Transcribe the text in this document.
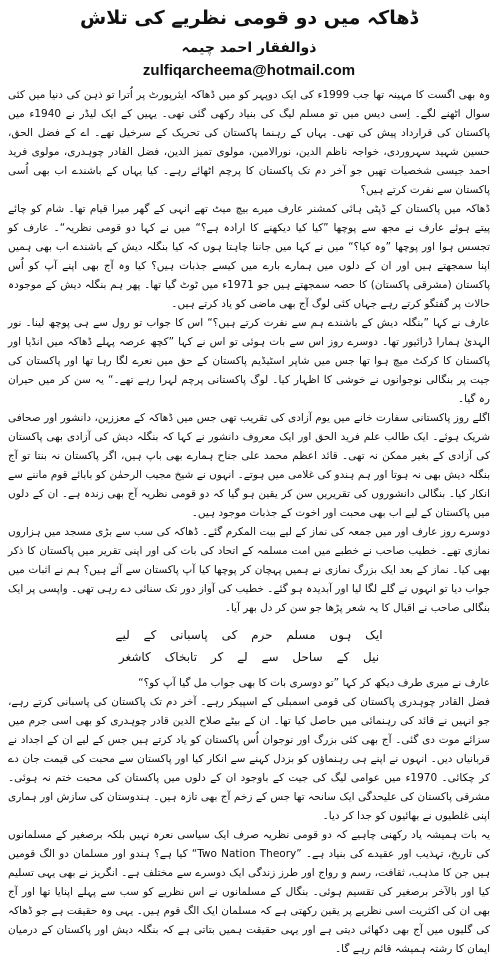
ڈھاکہ میں دو قومی نظریے کی تلاش
ذوالفقار احمد چیمہ
zulfiqarcheema@hotmail.com

وہ بھی اگست کا مہینہ تھا جب 1999ء کی ایک دوپہر کو میں ڈھاکہ ایئرپورٹ پر اُترا تو ذہن کی دنیا میں کئی سوال اٹھنے لگے۔ اِسی دیس میں تو مسلم لیگ کی بنیاد رکھی گئی تھی۔ یہیں کے ایک لیڈر نے 1940ء میں پاکستان کی قرارداد پیش کی تھی۔ یہاں کے رہنما پاکستان کی تحریک کے سرخیل تھے۔ اے کے فضل الحق، حسین شہید سہروردی، خواجہ ناظم الدین، نورالامین، مولوی تمیز الدین، فضل القادر چوہدری، مولوی فرید احمد جیسی شخصیات تھیں جو آخر دم تک پاکستان کا پرچم اٹھائے رہے۔ کیا یہاں کے باشندے اب بھی اُسی پاکستان سے نفرت کرتے ہیں؟

ڈھاکہ میں پاکستان کے ڈپٹی ہائی کمشنر عارف میرے بیچ میٹ تھے انہی کے گھر میرا قیام تھا۔ شام کو چائے پیتے ہوئے عارف نے مجھ سے پوچھا ”کیا کیا دیکھنے کا ارادہ ہے؟“ میں نے کہا دو قومی نظریہ“۔ عارف کو تجسس ہوا اور پوچھا ”وہ کیا؟“ میں نے کہا میں جاننا چاہتا ہوں کہ کیا بنگلہ دیش کے باشندے اب بھی ہمیں اپنا سمجھتے ہیں اور ان کے دلوں میں ہمارے بارے میں کیسے جذبات ہیں؟ کیا وہ آج بھی اپنے آپ کو اُس پاکستان (مشرقی پاکستان) کا حصہ سمجھتے ہیں جو 1971ء میں ٹوٹ گیا تھا۔ پھر ہم بنگلہ دیش کے موجودہ حالات پر گفتگو کرتے رہے جہاں کئی لوگ آج بھی ماضی کو یاد کرتے ہیں۔

عارف نے کہا ”بنگلہ دیش کے باشندے ہم سے نفرت کرتے ہیں؟“ اس کا جواب تو رول سے ہی پوچھ لینا۔ نور الہدیٰ ہمارا ڈرائیور تھا۔ دوسرے روز اس سے بات ہوئی تو اس نے کہا ”کچھ عرصہ پہلے ڈھاکہ میں انڈیا اور پاکستان کا کرکٹ میچ ہوا تھا جس میں شاپر اسٹیڈیم پاکستان کے حق میں نعرے لگا رہا تھا اور پاکستان کی جیت پر بنگالی نوجوانوں نے خوشی کا اظہار کیا۔ لوگ پاکستانی پرچم لہرا رہے تھے۔“ یہ سن کر میں حیران رہ گیا۔

اگلے روز پاکستانی سفارت خانے میں یوم آزادی کی تقریب تھی جس میں ڈھاکہ کے معززین، دانشور اور صحافی شریک ہوئے۔ ایک طالب علم فرید الحق اور ایک معروف دانشور نے کہا کہ بنگلہ دیش کی آزادی بھی پاکستان کی آزادی کے بغیر ممکن نہ تھی۔ قائد اعظم محمد علی جناح ہمارے بھی باپ ہیں، اگر پاکستان نہ بنتا تو آج بنگلہ دیش بھی نہ ہوتا اور ہم ہندو کی غلامی میں ہوتے۔ انہوں نے شیخ مجیب الرحمٰن کو بابائے قوم ماننے سے انکار کیا۔ بنگالی دانشوروں کی تقریریں سن کر یقین ہو گیا کہ دو قومی نظریہ آج بھی زندہ ہے۔ ان کے دلوں میں پاکستان کے لیے اب بھی محبت اور اخوت کے جذبات موجود ہیں۔

دوسرے روز عارف اور میں جمعہ کی نماز کے لیے بیت المکرم گئے۔ ڈھاکہ کی سب سے بڑی مسجد میں ہزاروں نمازی تھے۔ خطیب صاحب نے خطبے میں امت مسلمہ کے اتحاد کی بات کی اور اپنی تقریر میں پاکستان کا ذکر بھی کیا۔ نماز کے بعد ایک بزرگ نمازی نے ہمیں پہچان کر پوچھا کیا آپ پاکستان سے آئے ہیں؟ ہم نے اثبات میں جواب دیا تو انہوں نے گلے لگا لیا اور آبدیدہ ہو گئے۔ خطیب کی آواز دور تک سنائی دے رہی تھی۔ واپسی پر ایک بنگالی صاحب نے اقبال کا یہ شعر پڑھا جو سن کر دل بھر آیا۔

ایک ہوں مسلم حرم کی پاسبانی کے لیے
نیل کے ساحل سے لے کر تابخاک کاشغر

عارف نے میری طرف دیکھ کر کہا ”تو دوسری بات کا بھی جواب مل گیا آپ کو؟“

فضل القادر چوہدری پاکستان کی قومی اسمبلی کے اسپیکر رہے۔ آخر دم تک پاکستان کی پاسبانی کرتے رہے، جو انہیں نے قائد کی رہنمائی میں حاصل کیا تھا۔ ان کے بیٹے صلاح الدین قادر چوہدری کو بھی اسی جرم میں سزائے موت دی گئی۔ آج بھی کئی بزرگ اور نوجوان اُس پاکستان کو یاد کرتے ہیں جس کے لیے ان کے اجداد نے قربانیاں دیں۔ انہوں نے اپنے ہی رہنماؤں کو بزدل کہنے سے انکار کیا اور پاکستان سے محبت کی قیمت جان دے کر چکائی۔ 1970ء میں عوامی لیگ کی جیت کے باوجود ان کے دلوں میں پاکستان کی محبت ختم نہ ہوئی۔ مشرقی پاکستان کی علیحدگی ایک سانحہ تھا جس کے زخم آج بھی تازہ ہیں۔ ہندوستان کی سازش اور ہماری اپنی غلطیوں نے بھائیوں کو جدا کر دیا۔

یہ بات ہمیشہ یاد رکھنی چاہیے کہ دو قومی نظریہ صرف ایک سیاسی نعرہ نہیں بلکہ برصغیر کے مسلمانوں کی تاریخ، تہذیب اور عقیدے کی بنیاد ہے۔ ”Two Nation Theory“ کیا ہے؟ ہندو اور مسلمان دو الگ قومیں ہیں جن کا مذہب، ثقافت، رسم و رواج اور طرز زندگی ایک دوسرے سے مختلف ہے۔ انگریز نے بھی یہی تسلیم کیا اور بالآخر برصغیر کی تقسیم ہوئی۔ بنگال کے مسلمانوں نے اس نظریے کو سب سے پہلے اپنایا تھا اور آج بھی ان کی اکثریت اسی نظریے پر یقین رکھتی ہے کہ مسلمان ایک الگ قوم ہیں۔ یہی وہ حقیقت ہے جو ڈھاکہ کی گلیوں میں آج بھی دکھائی دیتی ہے اور یہی حقیقت ہمیں بتاتی ہے کہ بنگلہ دیش اور پاکستان کے درمیان ایمان کا رشتہ ہمیشہ قائم رہے گا۔
